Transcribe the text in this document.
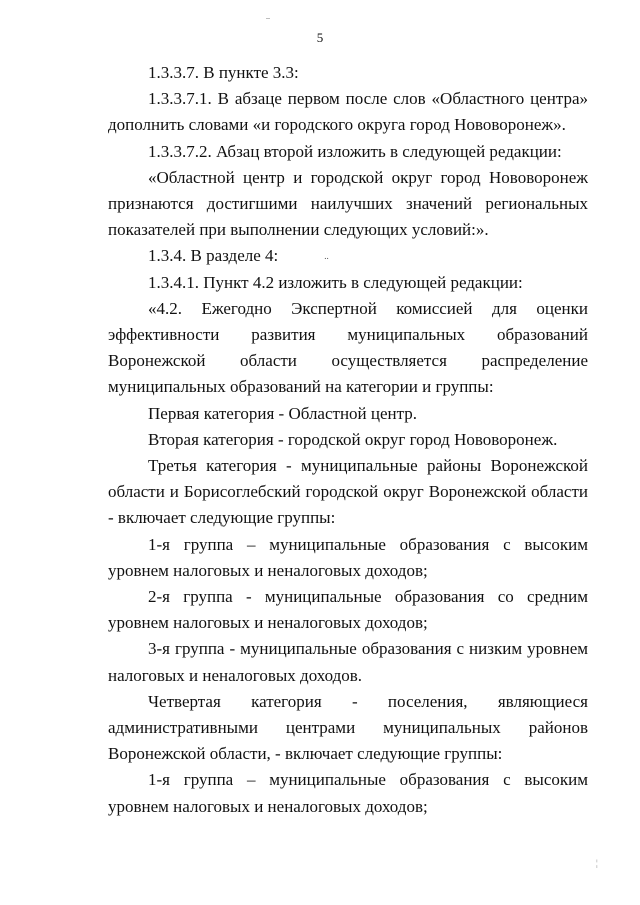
..
5

1.3.3.7. В пункте 3.3:

1.3.3.7.1. В абзаце первом после слов «Областного центра» дополнить словами «и городского округа город Нововоронеж».

1.3.3.7.2. Абзац второй изложить в следующей редакции:

«Областной центр и городской округ город Нововоронеж признаются достигшими наилучших значений региональных показателей при выполнении следующих условий:».

1.3.4. В разделе 4:	..

1.3.4.1. Пункт 4.2 изложить в следующей редакции:

«4.2. Ежегодно Экспертной комиссией для оценки эффективности развития муниципальных образований Воронежской области осуществляется распределение муниципальных образований на категории и группы:

Первая категория - Областной центр.

Вторая категория - городской округ город Нововоронеж.

Третья категория - муниципальные районы Воронежской области и Борисоглебский городской округ Воронежской области - включает следующие группы:

1-я группа – муниципальные образования с высоким уровнем налоговых и неналоговых доходов;

2-я группа - муниципальные образования со средним уровнем налоговых и неналоговых доходов;

3-я группа - муниципальные образования с низким уровнем налоговых и неналоговых доходов.

Четвертая категория - поселения, являющиеся административными центрами муниципальных районов Воронежской области, - включает следующие группы:

1-я группа – муниципальные образования с высоким уровнем налоговых и неналоговых доходов;

¦
